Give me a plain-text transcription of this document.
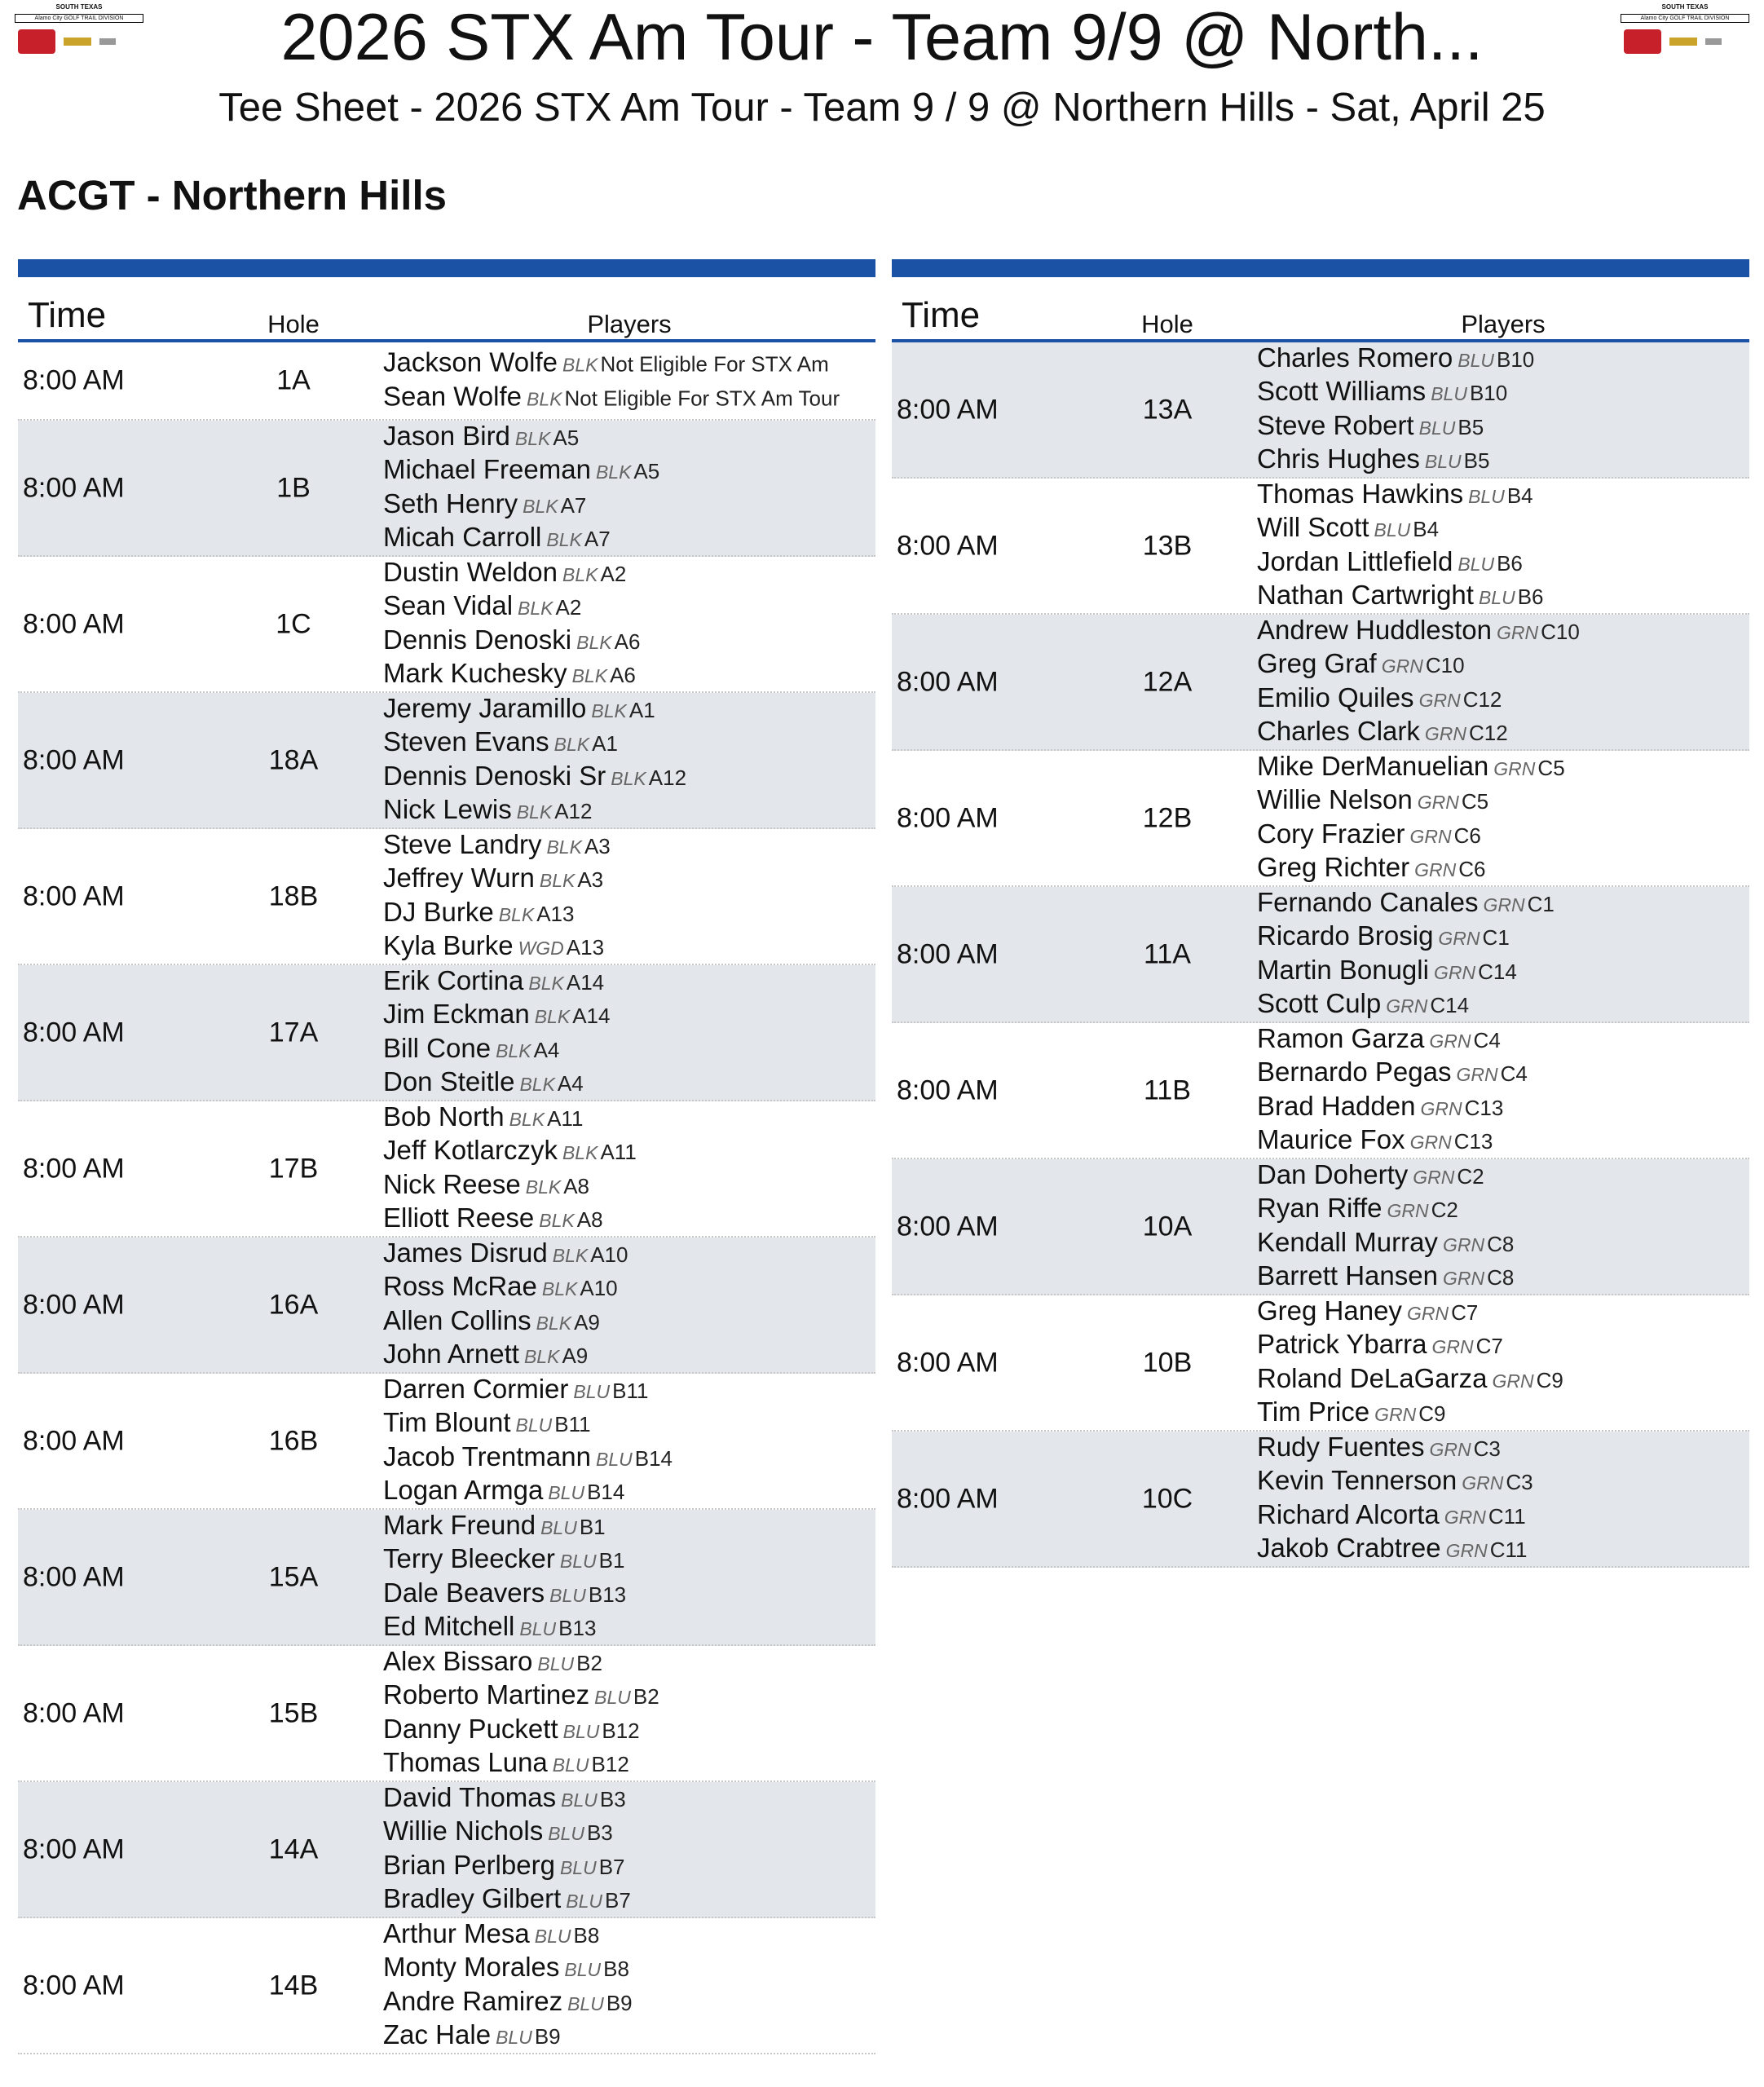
SOUTH TEXAS
Alamo City GOLF TRAIL DIVISION	2026 STX Am Tour - Team 9/9 @ North...
Tee Sheet - 2026 STX Am Tour - Team 9 / 9 @ Northern Hills - Sat, April 25
SOUTH TEXAS
Alamo City GOLF TRAIL DIVISION
ACGT - Northern Hills
Time	Hole	Players
8:00 AM	1A
Jackson Wolfe BLK Not Eligible For STX Am
Sean Wolfe BLK Not Eligible For STX Am Tour
8:00 AM	1B
Jason Bird BLK A5
Michael Freeman BLK A5
Seth Henry BLK A7
Micah Carroll BLK A7
8:00 AM	1C
Dustin Weldon BLK A2
Sean Vidal BLK A2
Dennis Denoski BLK A6
Mark Kuchesky BLK A6
8:00 AM	18A
Jeremy Jaramillo BLK A1
Steven Evans BLK A1
Dennis Denoski Sr BLK A12
Nick Lewis BLK A12
8:00 AM	18B
Steve Landry BLK A3
Jeffrey Wurn BLK A3
DJ Burke BLK A13
Kyla Burke WGD A13
8:00 AM	17A
Erik Cortina BLK A14
Jim Eckman BLK A14
Bill Cone BLK A4
Don Steitle BLK A4
8:00 AM	17B
Bob North BLK A11
Jeff Kotlarczyk BLK A11
Nick Reese BLK A8
Elliott Reese BLK A8
8:00 AM	16A
James Disrud BLK A10
Ross McRae BLK A10
Allen Collins BLK A9
John Arnett BLK A9
8:00 AM	16B
Darren Cormier BLU B11
Tim Blount BLU B11
Jacob Trentmann BLU B14
Logan Armga BLU B14
8:00 AM	15A
Mark Freund BLU B1
Terry Bleecker BLU B1
Dale Beavers BLU B13
Ed Mitchell BLU B13
8:00 AM	15B
Alex Bissaro BLU B2
Roberto Martinez BLU B2
Danny Puckett BLU B12
Thomas Luna BLU B12
8:00 AM	14A
David Thomas BLU B3
Willie Nichols BLU B3
Brian Perlberg BLU B7
Bradley Gilbert BLU B7
8:00 AM	14B
Arthur Mesa BLU B8
Monty Morales BLU B8
Andre Ramirez BLU B9
Zac Hale BLU B9
Time	Hole	Players
8:00 AM	13A
Charles Romero BLU B10
Scott Williams BLU B10
Steve Robert BLU B5
Chris Hughes BLU B5
8:00 AM	13B
Thomas Hawkins BLU B4
Will Scott BLU B4
Jordan Littlefield BLU B6
Nathan Cartwright BLU B6
8:00 AM	12A
Andrew Huddleston GRN C10
Greg Graf GRN C10
Emilio Quiles GRN C12
Charles Clark GRN C12
8:00 AM	12B
Mike DerManuelian GRN C5
Willie Nelson GRN C5
Cory Frazier GRN C6
Greg Richter GRN C6
8:00 AM	11A
Fernando Canales GRN C1
Ricardo Brosig GRN C1
Martin Bonugli GRN C14
Scott Culp GRN C14
8:00 AM	11B
Ramon Garza GRN C4
Bernardo Pegas GRN C4
Brad Hadden GRN C13
Maurice Fox GRN C13
8:00 AM	10A
Dan Doherty GRN C2
Ryan Riffe GRN C2
Kendall Murray GRN C8
Barrett Hansen GRN C8
8:00 AM	10B
Greg Haney GRN C7
Patrick Ybarra GRN C7
Roland DeLaGarza GRN C9
Tim Price GRN C9
8:00 AM	10C
Rudy Fuentes GRN C3
Kevin Tennerson GRN C3
Richard Alcorta GRN C11
Jakob Crabtree GRN C11
